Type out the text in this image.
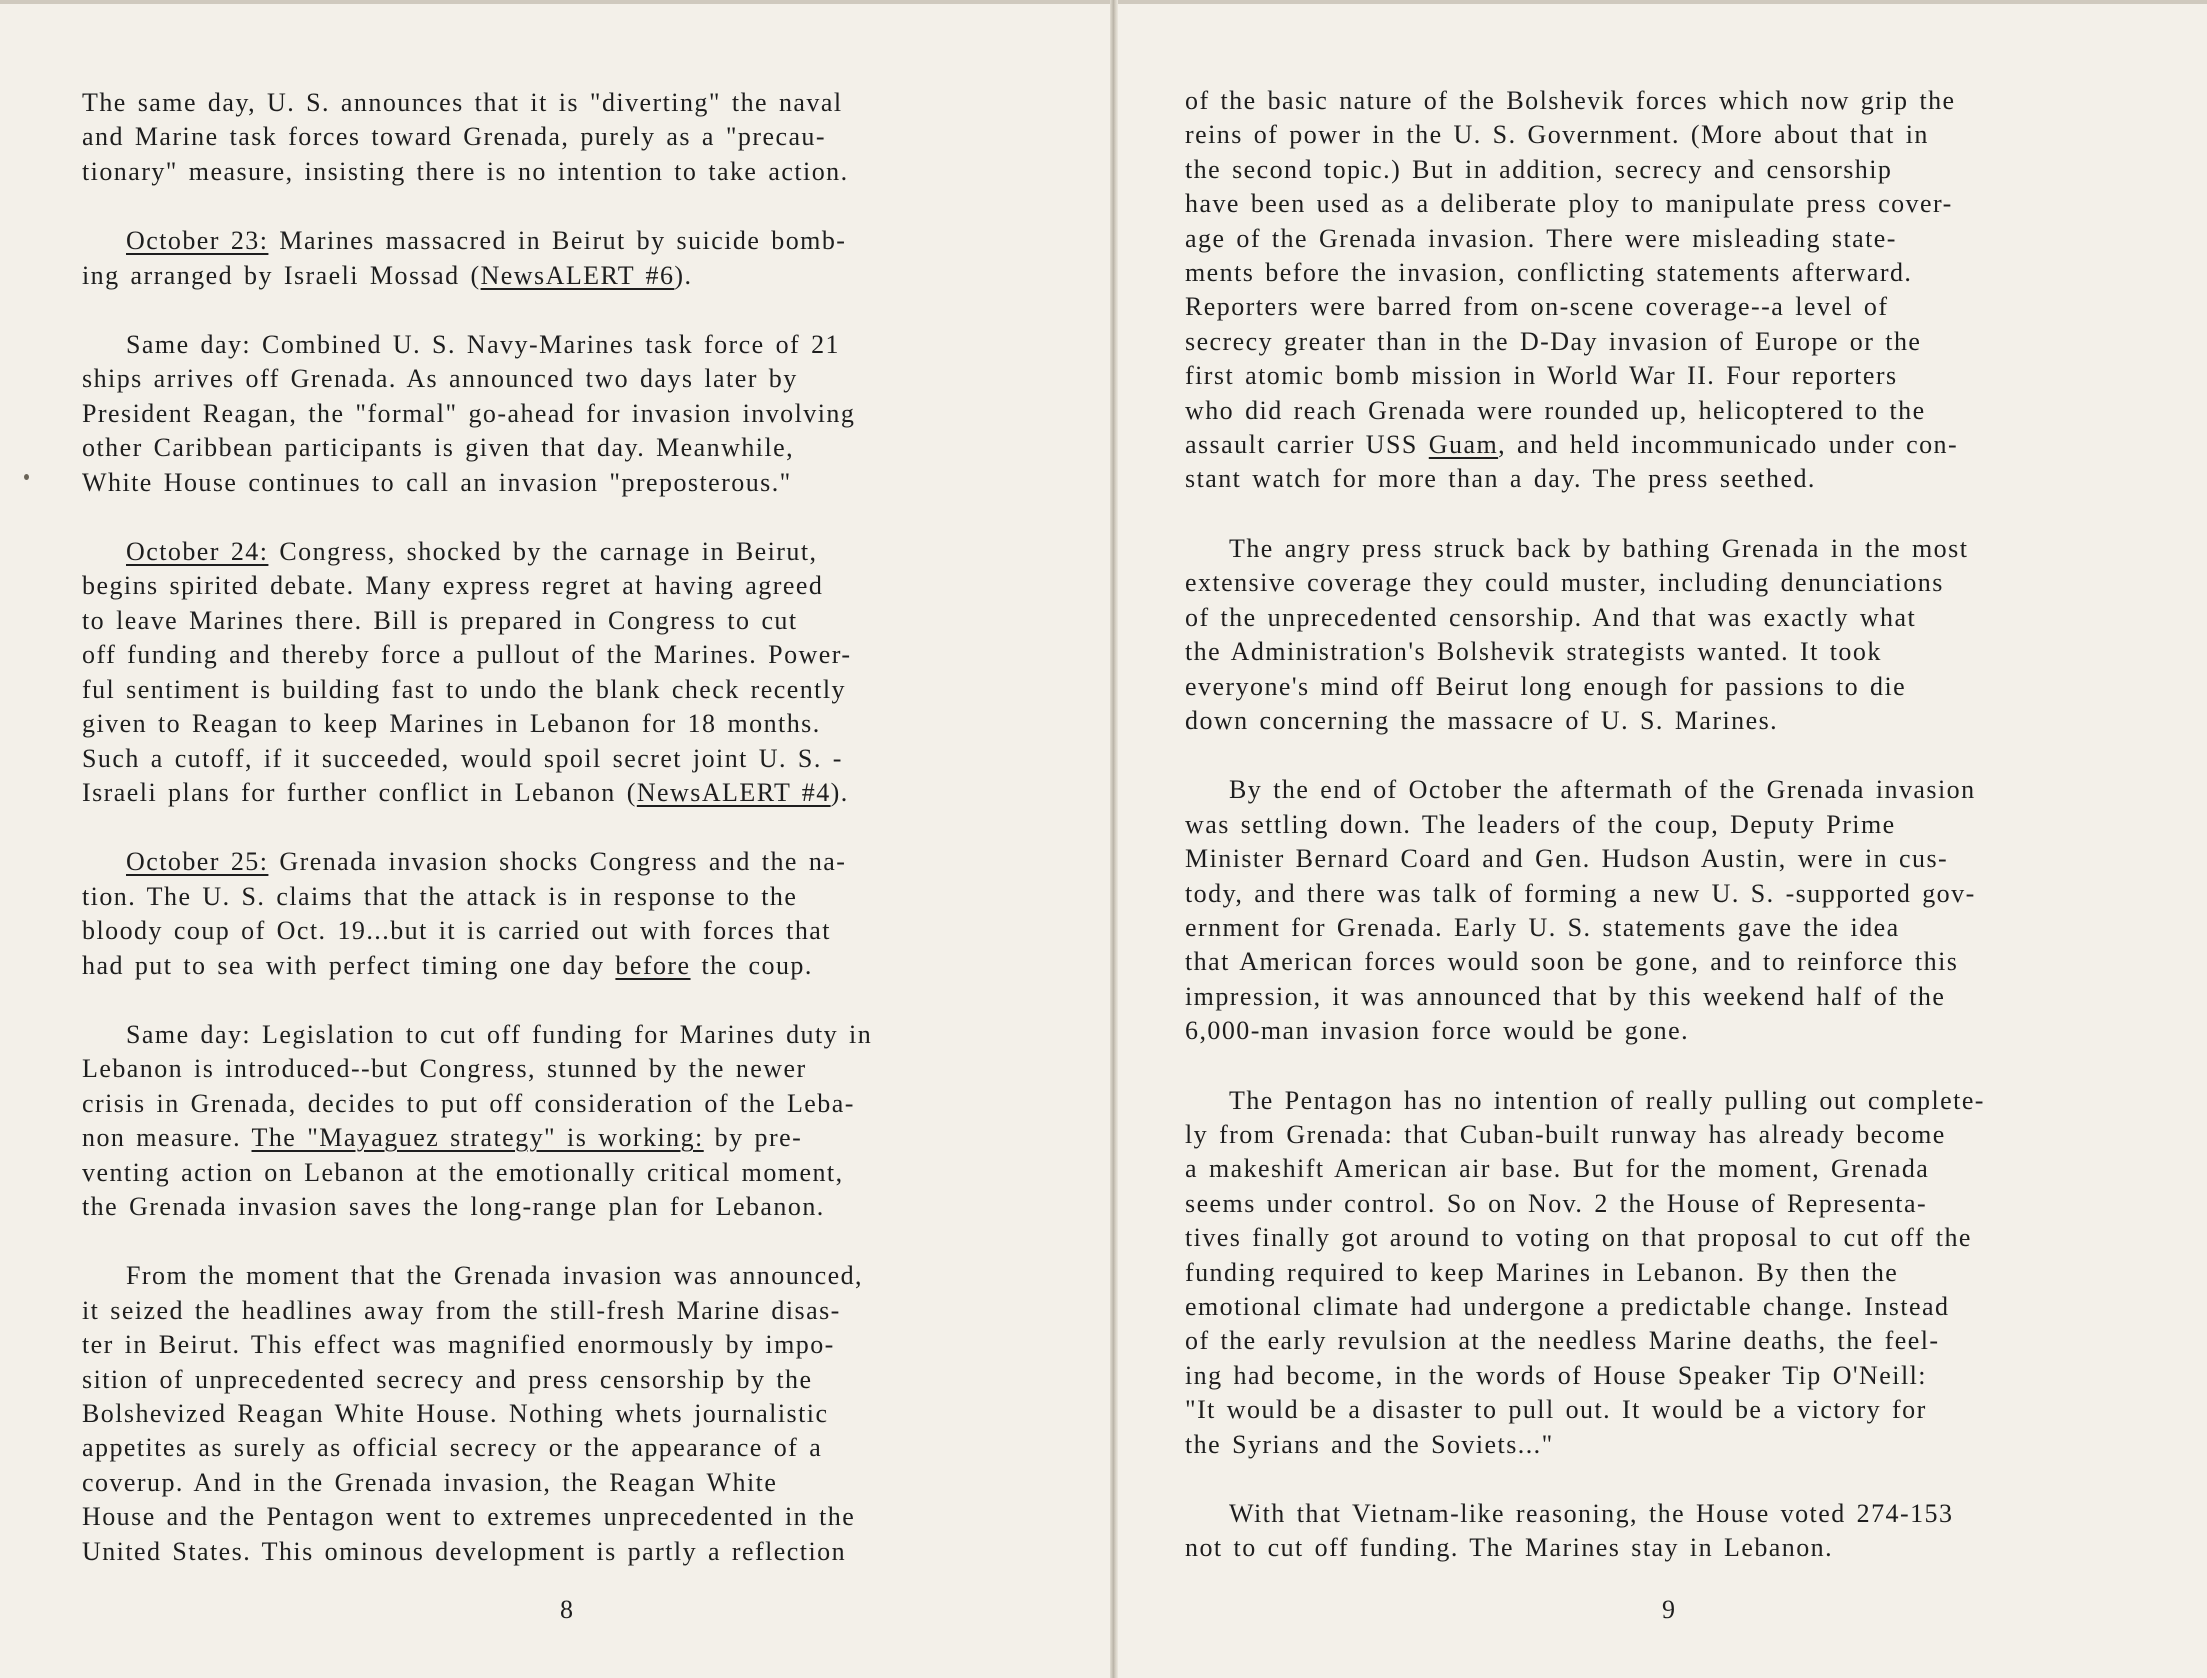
The same day, U. S. announces that it is "diverting" the naval
and Marine task forces toward Grenada, purely as a "precau-
tionary" measure, insisting there is no intention to take action.

October 23: Marines massacred in Beirut by suicide bomb-
ing arranged by Israeli Mossad (NewsALERT #6).

Same day: Combined U. S. Navy-Marines task force of 21
ships arrives off Grenada. As announced two days later by
President Reagan, the "formal" go-ahead for invasion involving
other Caribbean participants is given that day. Meanwhile,
White House continues to call an invasion "preposterous."

October 24: Congress, shocked by the carnage in Beirut,
begins spirited debate. Many express regret at having agreed
to leave Marines there. Bill is prepared in Congress to cut
off funding and thereby force a pullout of the Marines. Power-
ful sentiment is building fast to undo the blank check recently
given to Reagan to keep Marines in Lebanon for 18 months.
Such a cutoff, if it succeeded, would spoil secret joint U. S. -
Israeli plans for further conflict in Lebanon (NewsALERT #4).

October 25: Grenada invasion shocks Congress and the na-
tion. The U. S. claims that the attack is in response to the
bloody coup of Oct. 19...but it is carried out with forces that
had put to sea with perfect timing one day before the coup.

Same day: Legislation to cut off funding for Marines duty in
Lebanon is introduced--but Congress, stunned by the newer
crisis in Grenada, decides to put off consideration of the Leba-
non measure. The "Mayaguez strategy" is working: by pre-
venting action on Lebanon at the emotionally critical moment,
the Grenada invasion saves the long-range plan for Lebanon.

From the moment that the Grenada invasion was announced,
it seized the headlines away from the still-fresh Marine disas-
ter in Beirut. This effect was magnified enormously by impo-
sition of unprecedented secrecy and press censorship by the
Bolshevized Reagan White House. Nothing whets journalistic
appetites as surely as official secrecy or the appearance of a
coverup. And in the Grenada invasion, the Reagan White
House and the Pentagon went to extremes unprecedented in the
United States. This ominous development is partly a reflection

8

of the basic nature of the Bolshevik forces which now grip the
reins of power in the U. S. Government. (More about that in
the second topic.) But in addition, secrecy and censorship
have been used as a deliberate ploy to manipulate press cover-
age of the Grenada invasion. There were misleading state-
ments before the invasion, conflicting statements afterward.
Reporters were barred from on-scene coverage--a level of
secrecy greater than in the D-Day invasion of Europe or the
first atomic bomb mission in World War II. Four reporters
who did reach Grenada were rounded up, helicoptered to the
assault carrier USS Guam, and held incommunicado under con-
stant watch for more than a day. The press seethed.

The angry press struck back by bathing Grenada in the most
extensive coverage they could muster, including denunciations
of the unprecedented censorship. And that was exactly what
the Administration's Bolshevik strategists wanted. It took
everyone's mind off Beirut long enough for passions to die
down concerning the massacre of U. S. Marines.

By the end of October the aftermath of the Grenada invasion
was settling down. The leaders of the coup, Deputy Prime
Minister Bernard Coard and Gen. Hudson Austin, were in cus-
tody, and there was talk of forming a new U. S. -supported gov-
ernment for Grenada. Early U. S. statements gave the idea
that American forces would soon be gone, and to reinforce this
impression, it was announced that by this weekend half of the
6,000-man invasion force would be gone.

The Pentagon has no intention of really pulling out complete-
ly from Grenada: that Cuban-built runway has already become
a makeshift American air base. But for the moment, Grenada
seems under control. So on Nov. 2 the House of Representa-
tives finally got around to voting on that proposal to cut off the
funding required to keep Marines in Lebanon. By then the
emotional climate had undergone a predictable change. Instead
of the early revulsion at the needless Marine deaths, the feel-
ing had become, in the words of House Speaker Tip O'Neill:
"It would be a disaster to pull out. It would be a victory for
the Syrians and the Soviets..."

With that Vietnam-like reasoning, the House voted 274-153
not to cut off funding. The Marines stay in Lebanon.

9
